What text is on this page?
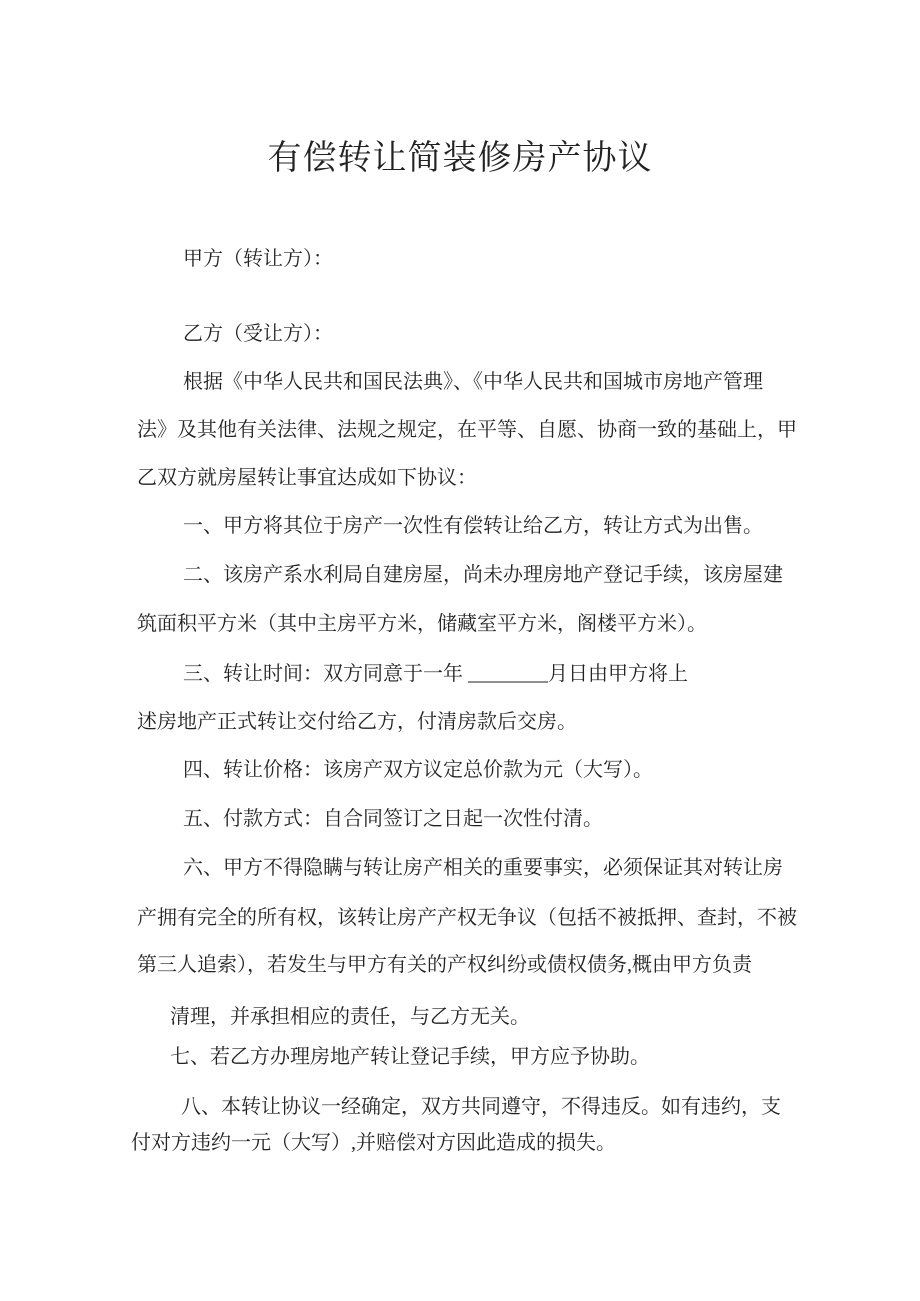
有偿转让简装修房产协议
甲方（转让方）：
乙方（受让方）：
根据《中华人民共和国民法典》、《中华人民共和国城市房地产管理
法》及其他有关法律、法规之规定，在平等、自愿、协商一致的基础上，甲
乙双方就房屋转让事宜达成如下协议：
一、甲方将其位于房产一次性有偿转让给乙方，转让方式为出售。
二、该房产系水利局自建房屋，尚未办理房地产登记手续，该房屋建
筑面积平方米（其中主房平方米，储藏室平方米，阁楼平方米）。
三、转让时间：双方同意于一年 ________月日由甲方将上
述房地产正式转让交付给乙方，付清房款后交房。
四、转让价格：该房产双方议定总价款为元（大写）。
五、付款方式：自合同签订之日起一次性付清。
六、甲方不得隐瞒与转让房产相关的重要事实，必须保证其对转让房
产拥有完全的所有权，该转让房产产权无争议（包括不被抵押、查封，不被
第三人追索），若发生与甲方有关的产权纠纷或债权债务,概由甲方负责
清理，并承担相应的责任，与乙方无关。
七、若乙方办理房地产转让登记手续，甲方应予协助。
八、本转让协议一经确定，双方共同遵守，不得违反。如有违约，支
付对方违约一元（大写）,并赔偿对方因此造成的损失。
